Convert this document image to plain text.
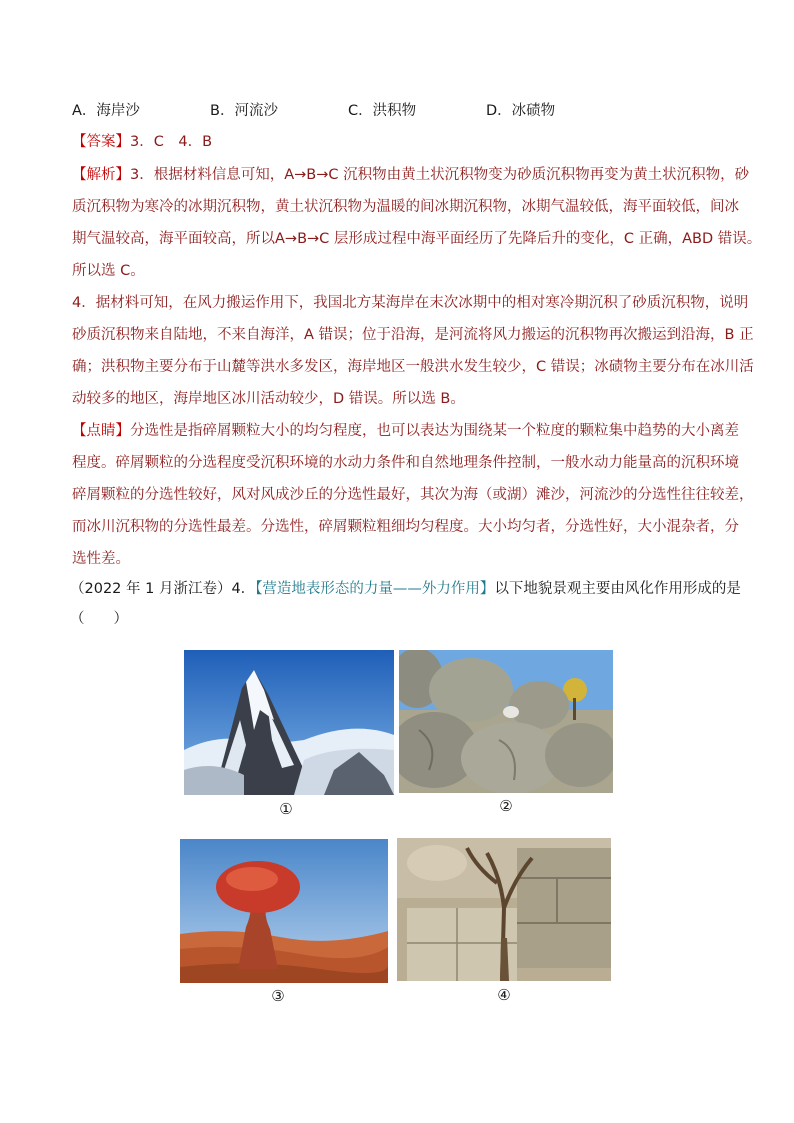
A．海岸沙	B．河流沙	C．洪积物	D．冰碛物
【答案】3．C　4．B
【解析】3．根据材料信息可知，A→B→C 沉积物由黄土状沉积物变为砂质沉积物再变为黄土状沉积物，砂
质沉积物为寒冷的冰期沉积物，黄土状沉积物为温暖的间冰期沉积物，冰期气温较低，海平面较低，间冰
期气温较高，海平面较高，所以A→B→C 层形成过程中海平面经历了先降后升的变化，C 正确，ABD 错误。
所以选 C。
4．据材料可知，在风力搬运作用下，我国北方某海岸在末次冰期中的相对寒冷期沉积了砂质沉积物，说明
砂质沉积物来自陆地，不来自海洋，A 错误；位于沿海，是河流将风力搬运的沉积物再次搬运到沿海，B 正
确；洪积物主要分布于山麓等洪水多发区，海岸地区一般洪水发生较少，C 错误；冰碛物主要分布在冰川活
动较多的地区，海岸地区冰川活动较少，D 错误。所以选 B。
【点睛】分选性是指碎屑颗粒大小的均匀程度，也可以表达为围绕某一个粒度的颗粒集中趋势的大小离差
程度。碎屑颗粒的分选程度受沉积环境的水动力条件和自然地理条件控制，一般水动力能量高的沉积环境
碎屑颗粒的分选性较好，风对风成沙丘的分选性最好，其次为海（或湖）滩沙，河流沙的分选性往往较差，
而冰川沉积物的分选性最差。分选性，碎屑颗粒粗细均匀程度。大小均匀者，分选性好，大小混杂者，分
选性差。
（2022 年 1 月浙江卷）4．【营造地表形态的力量——外力作用】以下地貌景观主要由风化作用形成的是
（　　）
①	②
③	④
